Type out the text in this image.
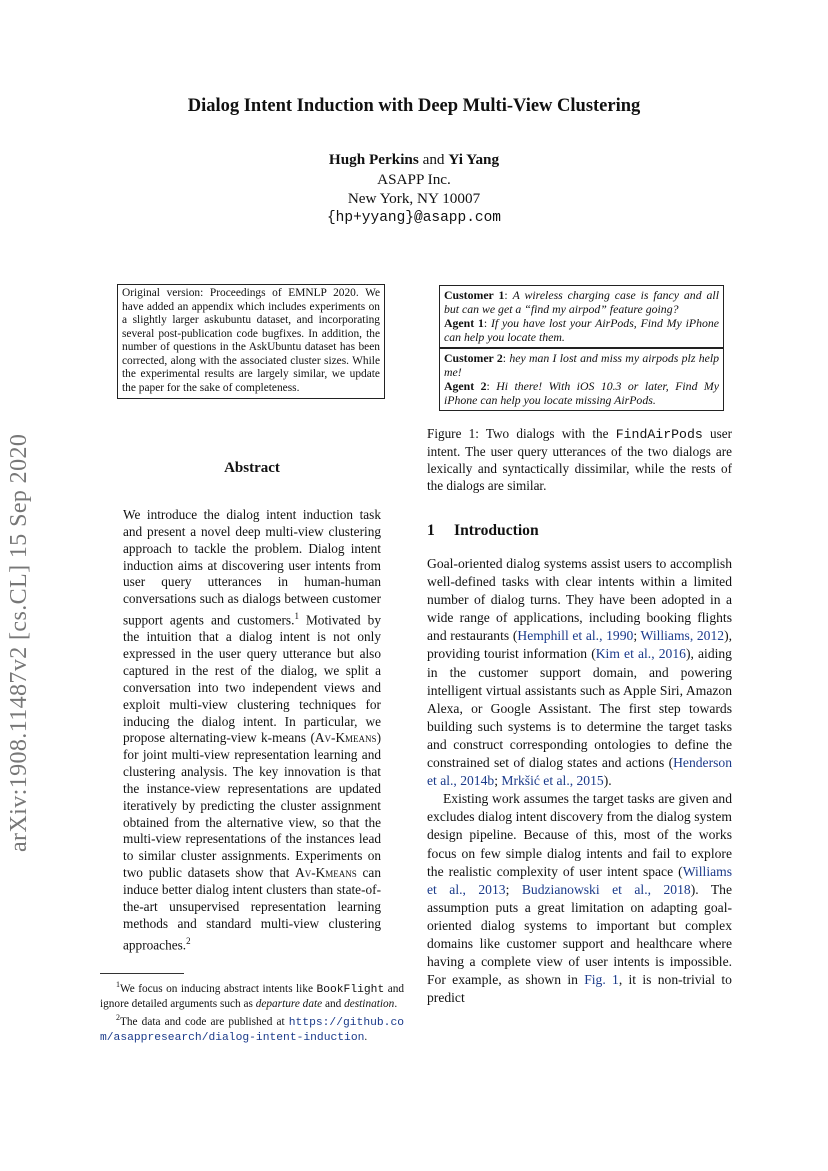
arXiv:1908.11487v2 [cs.CL] 15 Sep 2020
Dialog Intent Induction with Deep Multi-View Clustering
Hugh Perkins and Yi Yang
ASAPP Inc.
New York, NY 10007
{hp+yyang}@asapp.com
Original version: Proceedings of EMNLP 2020. We have added an appendix which includes experiments on a slightly larger askubuntu dataset, and incorporating several post-publication code bugfixes. In addition, the number of questions in the AskUbuntu dataset has been corrected, along with the associated cluster sizes. While the experimental results are largely similar, we update the paper for the sake of completeness.
Abstract
We introduce the dialog intent induction task and present a novel deep multi-view clustering approach to tackle the problem. Dialog intent induction aims at discovering user intents from user query utterances in human-human conversations such as dialogs between customer support agents and customers.$^1$ Motivated by the intuition that a dialog intent is not only expressed in the user query utterance but also captured in the rest of the dialog, we split a conversation into two independent views and exploit multi-view clustering techniques for inducing the dialog intent. In particular, we propose alternating-view k-means (Av-Kmeans) for joint multi-view representation learning and clustering analysis. The key innovation is that the instance-view representations are updated iteratively by predicting the cluster assignment obtained from the alternative view, so that the multi-view representations of the instances lead to similar cluster assignments. Experiments on two public datasets show that Av-Kmeans can induce better dialog intent clusters than state-of-the-art unsupervised representation learning methods and standard multi-view clustering approaches.$^2$
$^1$We focus on inducing abstract intents like BookFlight and ignore detailed arguments such as departure date and destination.
$^2$The data and code are published at https://github.com/asappresearch/dialog-intent-induction.
Customer 1: A wireless charging case is fancy and all but can we get a “find my airpod” feature going?
Agent 1: If you have lost your AirPods, Find My iPhone can help you locate them.
Customer 2: hey man I lost and miss my airpods plz help me!
Agent 2: Hi there! With iOS 10.3 or later, Find My iPhone can help you locate missing AirPods.
Figure 1: Two dialogs with the FindAirPods user intent. The user query utterances of the two dialogs are lexically and syntactically dissimilar, while the rests of the dialogs are similar.
1 Introduction

Goal-oriented dialog systems assist users to accomplish well-defined tasks with clear intents within a limited number of dialog turns. They have been adopted in a wide range of applications, including booking flights and restaurants (Hemphill et al., 1990; Williams, 2012), providing tourist information (Kim et al., 2016), aiding in the customer support domain, and powering intelligent virtual assistants such as Apple Siri, Amazon Alexa, or Google Assistant. The first step towards building such systems is to determine the target tasks and construct corresponding ontologies to define the constrained set of dialog states and actions (Henderson et al., 2014b; Mrkšić et al., 2015).

Existing work assumes the target tasks are given and excludes dialog intent discovery from the dialog system design pipeline. Because of this, most of the works focus on few simple dialog intents and fail to explore the realistic complexity of user intent space (Williams et al., 2013; Budzianowski et al., 2018). The assumption puts a great limitation on adapting goal-oriented dialog systems to important but complex domains like customer support and healthcare where having a complete view of user intents is impossible. For example, as shown in Fig. 1, it is non-trivial to predict
